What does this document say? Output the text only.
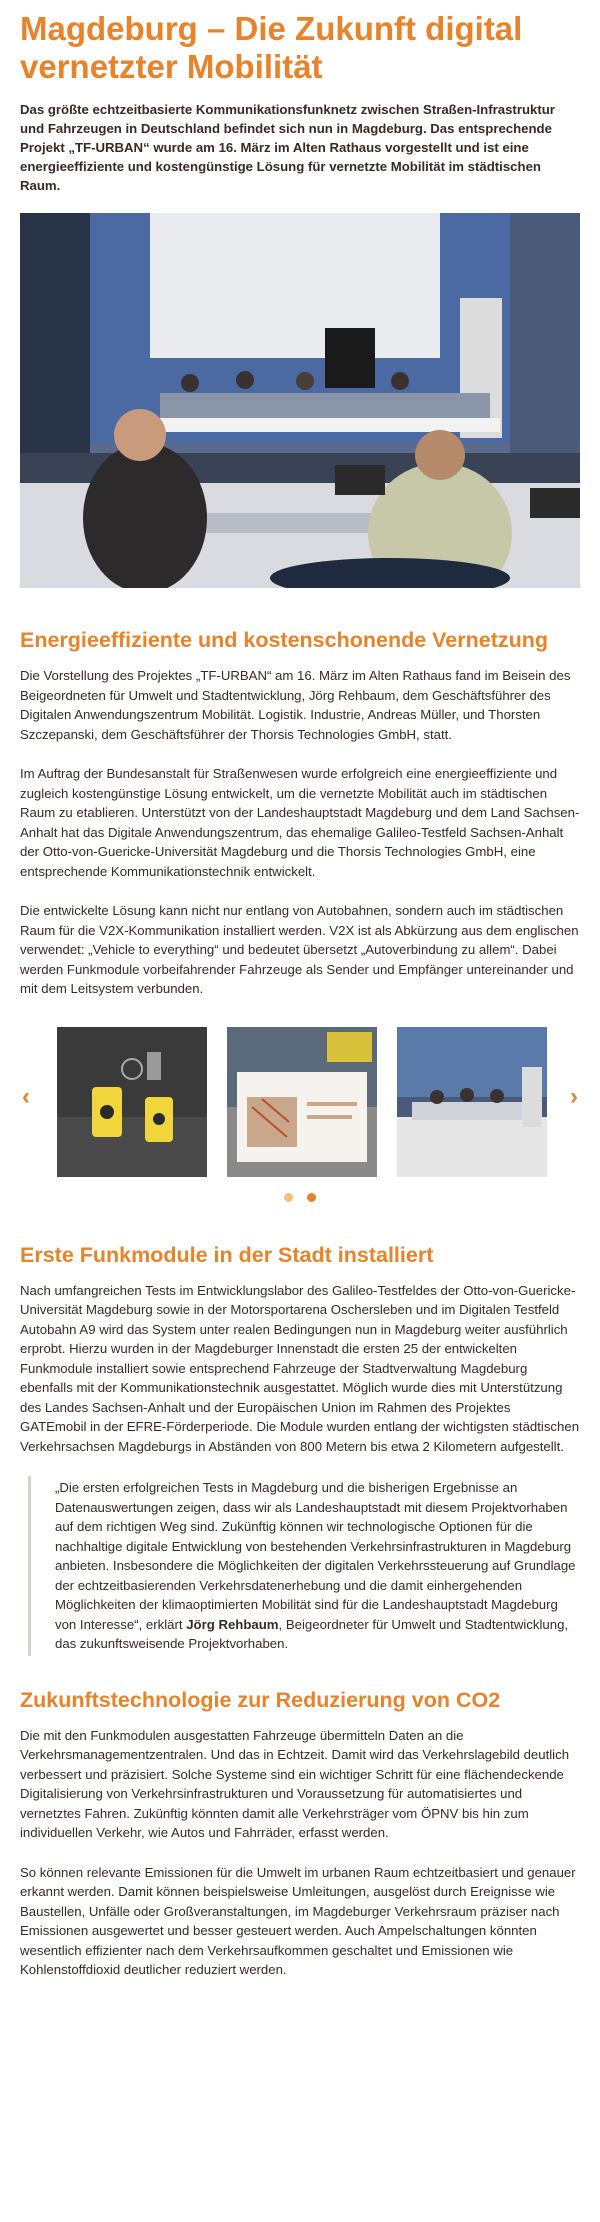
Magdeburg – Die Zukunft digital vernetzter Mobilität

Das größte echtzeitbasierte Kommunikationsfunknetz zwischen Straßen-Infrastruktur und Fahrzeugen in Deutschland befindet sich nun in Magdeburg. Das entsprechende Projekt „TF-URBAN“ wurde am 16. März im Alten Rathaus vorgestellt und ist eine energieeffiziente und kostengünstige Lösung für vernetzte Mobilität im städtischen Raum.

Energieeffiziente und kostenschonende Vernetzung

Die Vorstellung des Projektes „TF-URBAN“ am 16. März im Alten Rathaus fand im Beisein des Beigeordneten für Umwelt und Stadtentwicklung, Jörg Rehbaum, dem Geschäftsführer des Digitalen Anwendungszentrum Mobilität. Logistik. Industrie, Andreas Müller, und Thorsten Szczepanski, dem Geschäftsführer der Thorsis Technologies GmbH, statt.

Im Auftrag der Bundesanstalt für Straßenwesen wurde erfolgreich eine energieeffiziente und zugleich kostengünstige Lösung entwickelt, um die vernetzte Mobilität auch im städtischen Raum zu etablieren. Unterstützt von der Landeshauptstadt Magdeburg und dem Land Sachsen-Anhalt hat das Digitale Anwendungszentrum, das ehemalige Galileo-Testfeld Sachsen-Anhalt der Otto-von-Guericke-Universität Magdeburg und die Thorsis Technologies GmbH, eine entsprechende Kommunikationstechnik entwickelt.

Die entwickelte Lösung kann nicht nur entlang von Autobahnen, sondern auch im städtischen Raum für die V2X-Kommunikation installiert werden. V2X ist als Abkürzung aus dem englischen verwendet: „Vehicle to everything“ und bedeutet übersetzt „Autoverbindung zu allem“. Dabei werden Funkmodule vorbeifahrender Fahrzeuge als Sender und Empfänger untereinander und mit dem Leitsystem verbunden.

‹	›

Erste Funkmodule in der Stadt installiert

Nach umfangreichen Tests im Entwicklungslabor des Galileo-Testfeldes der Otto-von-Guericke-Universität Magdeburg sowie in der Motorsportarena Oschersleben und im Digitalen Testfeld Autobahn A9 wird das System unter realen Bedingungen nun in Magdeburg weiter ausführlich erprobt. Hierzu wurden in der Magdeburger Innenstadt die ersten 25 der entwickelten Funkmodule installiert sowie entsprechend Fahrzeuge der Stadtverwaltung Magdeburg ebenfalls mit der Kommunikationstechnik ausgestattet. Möglich wurde dies mit Unterstützung des Landes Sachsen-Anhalt und der Europäischen Union im Rahmen des Projektes GATEmobil in der EFRE-Förderperiode. Die Module wurden entlang der wichtigsten städtischen Verkehrsachsen Magdeburgs in Abständen von 800 Metern bis etwa 2 Kilometern aufgestellt.

„Die ersten erfolgreichen Tests in Magdeburg und die bisherigen Ergebnisse an Datenauswertungen zeigen, dass wir als Landeshauptstadt mit diesem Projektvorhaben auf dem richtigen Weg sind. Zukünftig können wir technologische Optionen für die nachhaltige digitale Entwicklung von bestehenden Verkehrsinfrastrukturen in Magdeburg anbieten. Insbesondere die Möglichkeiten der digitalen Verkehrssteuerung auf Grundlage der echtzeitbasierenden Verkehrsdatenerhebung und die damit einhergehenden Möglichkeiten der klimaoptimierten Mobilität sind für die Landeshauptstadt Magdeburg von Interesse“, erklärt Jörg Rehbaum, Beigeordneter für Umwelt und Stadtentwicklung, das zukunftsweisende Projektvorhaben.
Zukunftstechnologie zur Reduzierung von CO2

Die mit den Funkmodulen ausgestatten Fahrzeuge übermitteln Daten an die Verkehrsmanagementzentralen. Und das in Echtzeit. Damit wird das Verkehrslagebild deutlich verbessert und präzisiert. Solche Systeme sind ein wichtiger Schritt für eine flächendeckende Digitalisierung von Verkehrsinfrastrukturen und Voraussetzung für automatisiertes und vernetztes Fahren. Zukünftig könnten damit alle Verkehrsträger vom ÖPNV bis hin zum individuellen Verkehr, wie Autos und Fahrräder, erfasst werden.

So können relevante Emissionen für die Umwelt im urbanen Raum echtzeitbasiert und genauer erkannt werden. Damit können beispielsweise Umleitungen, ausgelöst durch Ereignisse wie Baustellen, Unfälle oder Großveranstaltungen, im Magdeburger Verkehrsraum präziser nach Emissionen ausgewertet und besser gesteuert werden. Auch Ampelschaltungen könnten wesentlich effizienter nach dem Verkehrsaufkommen geschaltet und Emissionen wie Kohlenstoffdioxid deutlicher reduziert werden.
